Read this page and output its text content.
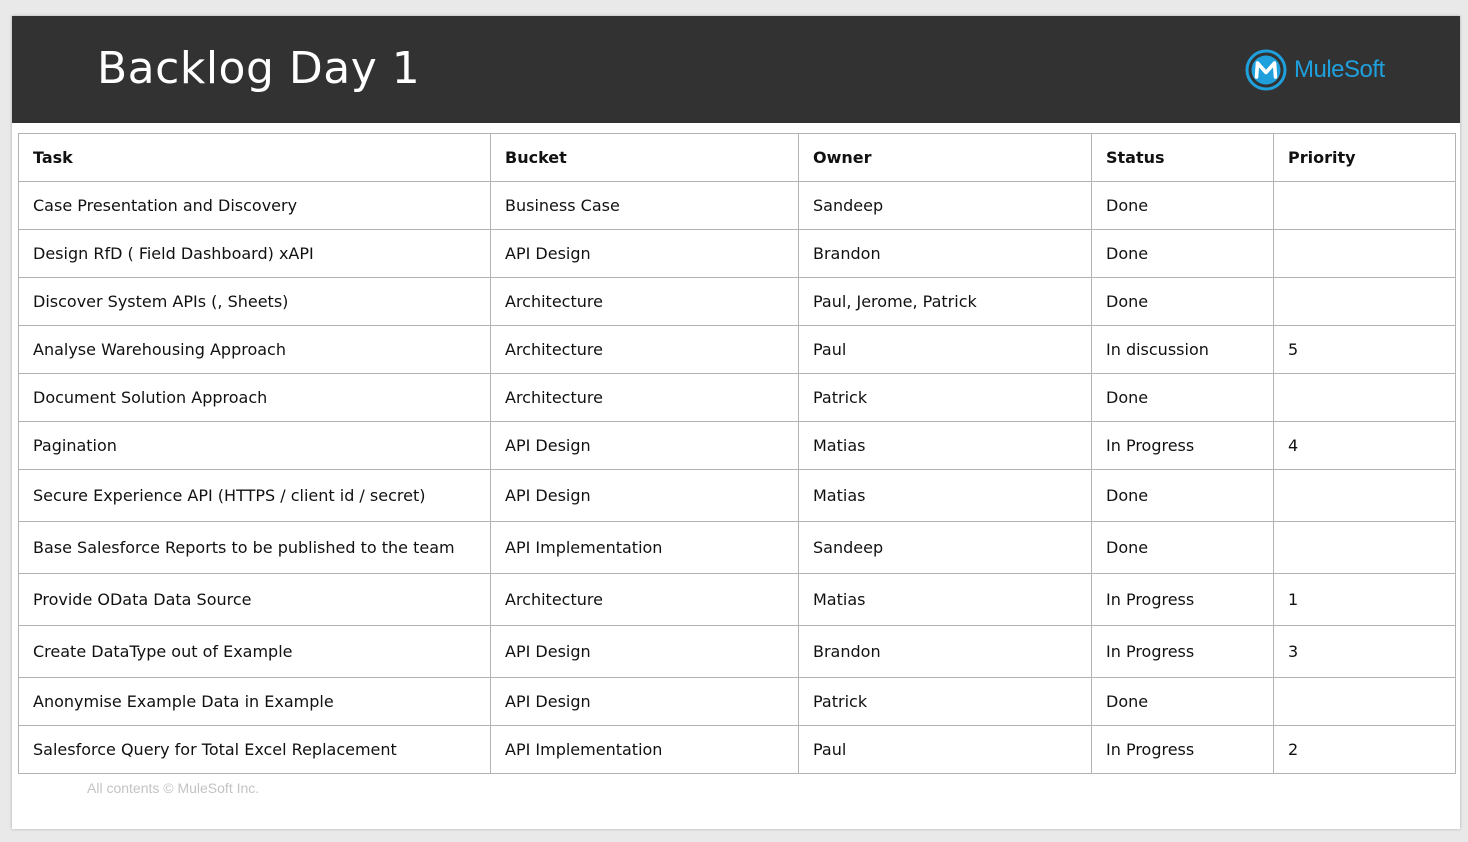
Backlog Day 1	MuleSoft
Task	Bucket	Owner	Status	Priority
Case Presentation and Discovery	Business Case	Sandeep	Done	
Design RfD ( Field Dashboard) xAPI	API Design	Brandon	Done	
Discover System APIs (, Sheets)	Architecture	Paul, Jerome, Patrick	Done	
Analyse Warehousing Approach	Architecture	Paul	In discussion	5
Document Solution Approach	Architecture	Patrick	Done	
Pagination	API Design	Matias	In Progress	4
Secure Experience API (HTTPS / client id / secret)	API Design	Matias	Done	
Base Salesforce Reports to be published to the team	API Implementation	Sandeep	Done	
Provide OData Data Source	Architecture	Matias	In Progress	1
Create DataType out of Example	API Design	Brandon	In Progress	3
Anonymise Example Data in Example	API Design	Patrick	Done	
Salesforce Query for Total Excel Replacement	API Implementation	Paul	In Progress	2
All contents © MuleSoft Inc.
